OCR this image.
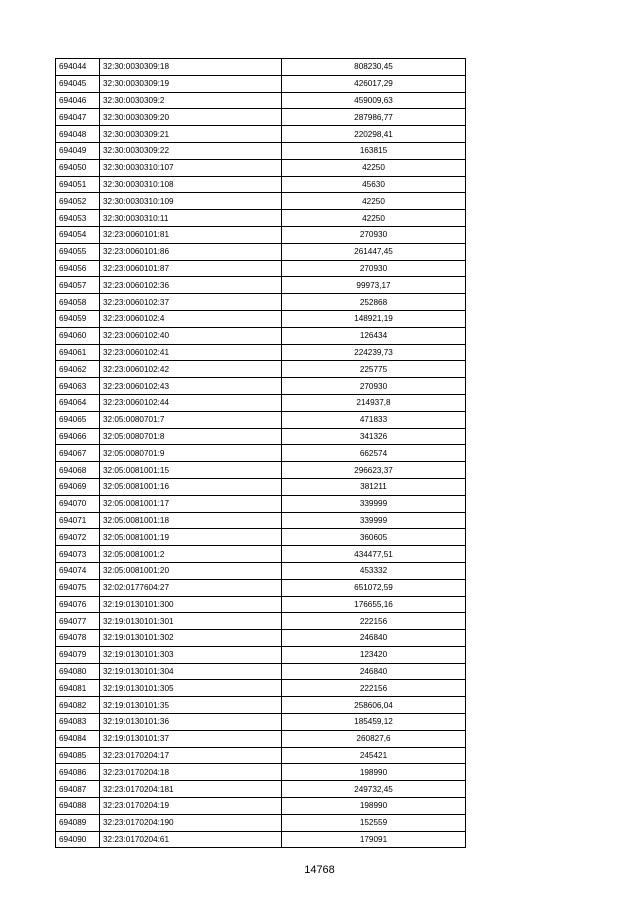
694044	32:30:0030309:18	808230,45
694045	32:30:0030309:19	426017,29
694046	32:30:0030309:2	459009,63
694047	32:30:0030309:20	287986,77
694048	32:30:0030309:21	220298,41
694049	32:30:0030309:22	163815
694050	32:30:0030310:107	42250
694051	32:30:0030310:108	45630
694052	32:30:0030310:109	42250
694053	32:30:0030310:11	42250
694054	32:23:0060101:81	270930
694055	32:23:0060101:86	261447,45
694056	32:23:0060101:87	270930
694057	32:23:0060102:36	99973,17
694058	32:23:0060102:37	252868
694059	32:23:0060102:4	148921,19
694060	32:23:0060102:40	126434
694061	32:23:0060102:41	224239,73
694062	32:23:0060102:42	225775
694063	32:23:0060102:43	270930
694064	32:23:0060102:44	214937,8
694065	32:05:0080701:7	471833
694066	32:05:0080701:8	341326
694067	32:05:0080701:9	662574
694068	32:05:0081001:15	296623,37
694069	32:05:0081001:16	381211
694070	32:05:0081001:17	339999
694071	32:05:0081001:18	339999
694072	32:05:0081001:19	360605
694073	32:05:0081001:2	434477,51
694074	32:05:0081001:20	453332
694075	32:02:0177604:27	651072,59
694076	32:19:0130101:300	176655,16
694077	32:19:0130101:301	222156
694078	32:19:0130101:302	246840
694079	32:19:0130101:303	123420
694080	32:19:0130101:304	246840
694081	32:19:0130101:305	222156
694082	32:19:0130101:35	258606,04
694083	32:19:0130101:36	185459,12
694084	32:19:0130101:37	260827,6
694085	32:23:0170204:17	245421
694086	32:23:0170204:18	198990
694087	32:23:0170204:181	249732,45
694088	32:23:0170204:19	198990
694089	32:23:0170204:190	152559
694090	32:23:0170204:61	179091
14768
